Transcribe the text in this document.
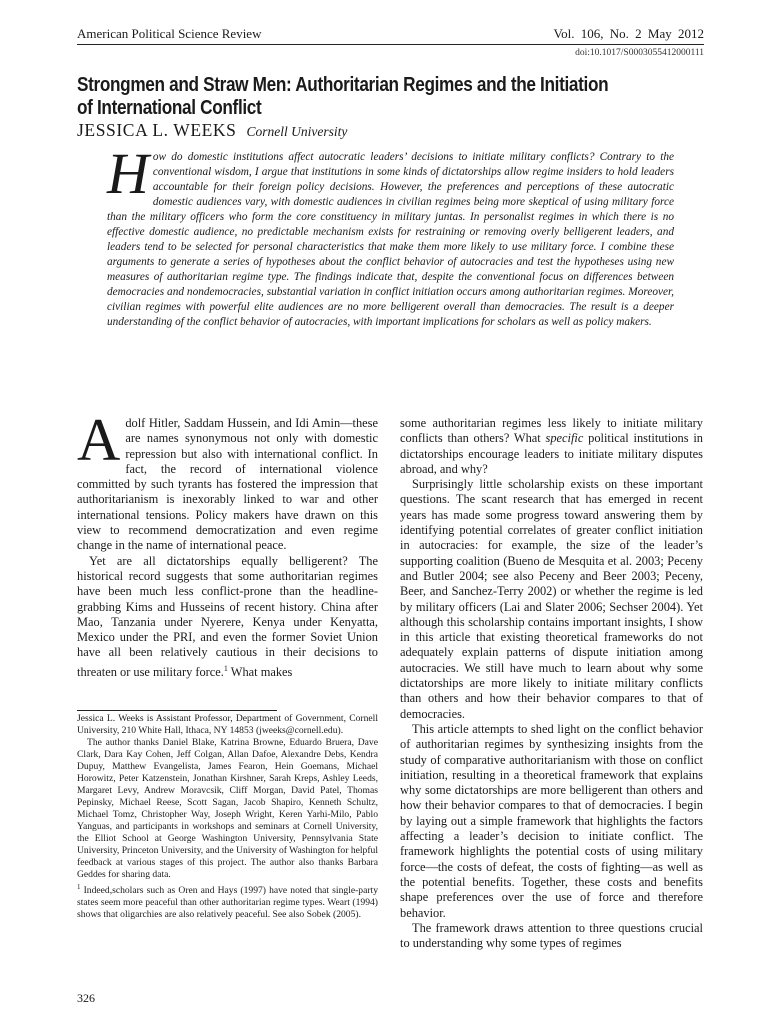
American Political Science Review	Vol. 106, No. 2 May 2012
doi:10.1017/S0003055412000111
Strongmen and Straw Men: Authoritarian Regimes and the Initiation of International Conflict
JESSICA L. WEEKS Cornell University

H ow do domestic institutions affect autocratic leaders’ decisions to initiate military conflicts? Contrary to the conventional wisdom, I argue that institutions in some kinds of dictatorships allow regime insiders to hold leaders accountable for their foreign policy decisions. However, the preferences and perceptions of these autocratic domestic audiences vary, with domestic audiences in civilian regimes being more skeptical of using military force than the military officers who form the core constituency in military juntas. In personalist regimes in which there is no effective domestic audience, no predictable mechanism exists for restraining or removing overly belligerent leaders, and leaders tend to be selected for personal characteristics that make them more likely to use military force. I combine these arguments to generate a series of hypotheses about the conflict behavior of autocracies and test the hypotheses using new measures of authoritarian regime type. The findings indicate that, despite the conventional focus on differences between democracies and nondemocracies, substantial variation in conflict initiation occurs among authoritarian regimes. Moreover, civilian regimes with powerful elite audiences are no more belligerent overall than democracies. The result is a deeper understanding of the conflict behavior of autocracies, with important implications for scholars as well as policy makers.

A dolf Hitler, Saddam Hussein, and Idi Amin—these are names synonymous not only with domestic repression but also with international conflict. In fact, the record of international violence committed by such tyrants has fostered the impression that authoritarianism is inexorably linked to war and other international tensions. Policy makers have drawn on this view to recommend democratization and even regime change in the name of international peace.

Yet are all dictatorships equally belligerent? The historical record suggests that some authoritarian regimes have been much less conflict-prone than the headline-grabbing Kims and Husseins of recent history. China after Mao, Tanzania under Nyerere, Kenya under Kenyatta, Mexico under the PRI, and even the former Soviet Union have all been relatively cautious in their decisions to threaten or use military force.$^1$ What makes

Jessica L. Weeks is Assistant Professor, Department of Government, Cornell University, 210 White Hall, Ithaca, NY 14853 (jweeks@cornell.edu).

The author thanks Daniel Blake, Katrina Browne, Eduardo Bruera, Dave Clark, Dara Kay Cohen, Jeff Colgan, Allan Dafoe, Alexandre Debs, Kendra Dupuy, Matthew Evangelista, James Fearon, Hein Goemans, Michael Horowitz, Peter Katzenstein, Jonathan Kirshner, Sarah Kreps, Ashley Leeds, Margaret Levy, Andrew Moravcsik, Cliff Morgan, David Patel, Thomas Pepinsky, Michael Reese, Scott Sagan, Jacob Shapiro, Kenneth Schultz, Michael Tomz, Christopher Way, Joseph Wright, Keren Yarhi-Milo, Pablo Yanguas, and participants in workshops and seminars at Cornell University, the Elliot School at George Washington University, Pennsylvania State University, Princeton University, and the University of Washington for helpful feedback at various stages of this project. The author also thanks Barbara Geddes for sharing data.

$^1$ Indeed,scholars such as Oren and Hays (1997) have noted that single-party states seem more peaceful than other authoritarian regime types. Weart (1994) shows that oligarchies are also relatively peaceful. See also Sobek (2005).

some authoritarian regimes less likely to initiate military conflicts than others? What specific political institutions in dictatorships encourage leaders to initiate military disputes abroad, and why?

Surprisingly little scholarship exists on these important questions. The scant research that has emerged in recent years has made some progress toward answering them by identifying potential correlates of greater conflict initiation in autocracies: for example, the size of the leader’s supporting coalition (Bueno de Mesquita et al. 2003; Peceny and Butler 2004; see also Peceny and Beer 2003; Peceny, Beer, and Sanchez-Terry 2002) or whether the regime is led by military officers (Lai and Slater 2006; Sechser 2004). Yet although this scholarship contains important insights, I show in this article that existing theoretical frameworks do not adequately explain patterns of dispute initiation among autocracies. We still have much to learn about why some dictatorships are more likely to initiate military conflicts than others and how their behavior compares to that of democracies.

This article attempts to shed light on the conflict behavior of authoritarian regimes by synthesizing insights from the study of comparative authoritarianism with those on conflict initiation, resulting in a theoretical framework that explains why some dictatorships are more belligerent than others and how their behavior compares to that of democracies. I begin by laying out a simple framework that highlights the factors affecting a leader’s decision to initiate conflict. The framework highlights the potential costs of using military force—the costs of defeat, the costs of fighting—as well as the potential benefits. Together, these costs and benefits shape preferences over the use of force and therefore behavior.

The framework draws attention to three questions crucial to understanding why some types of regimes

326
